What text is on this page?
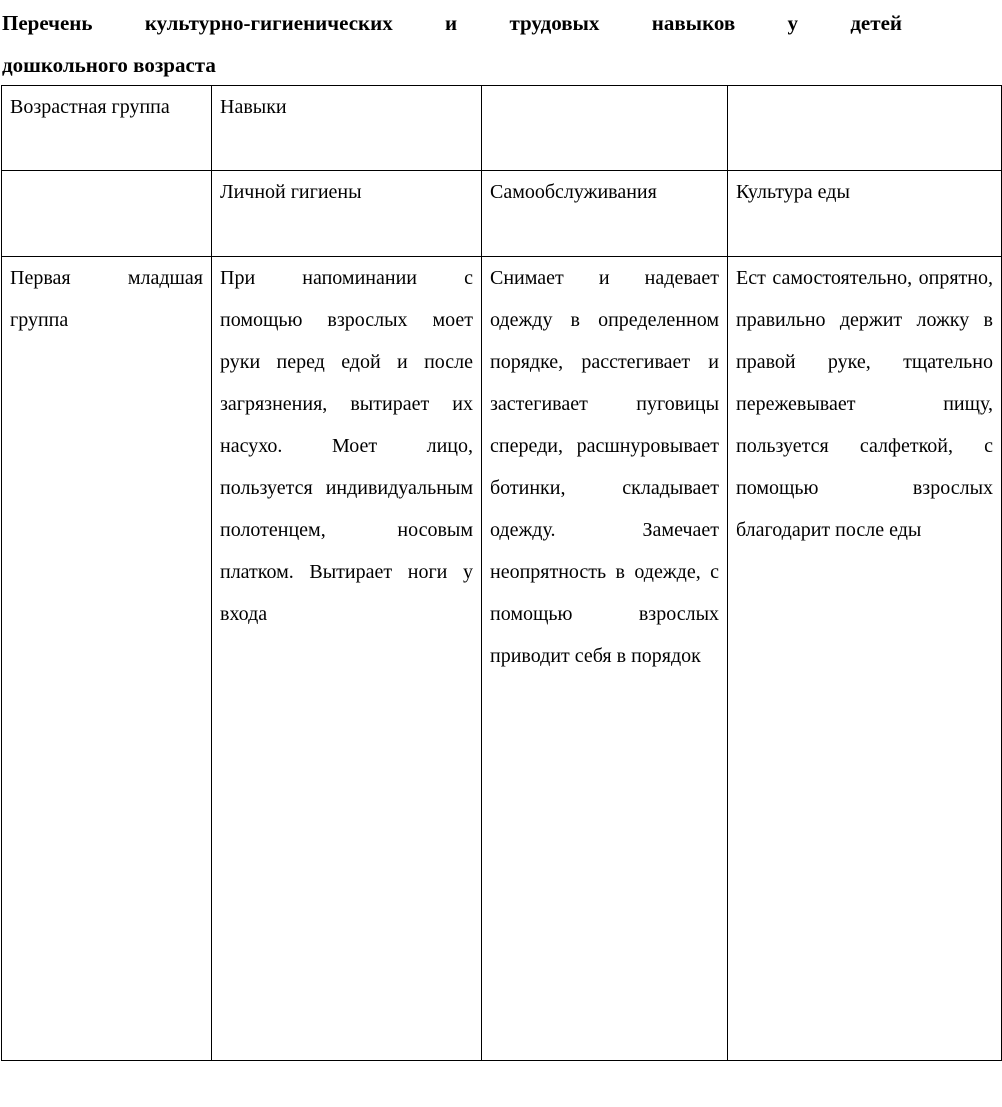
Перечень культурно-гигиенических и трудовых навыков у детей
дошкольного возраста
Возрастная группа	Навыки		

	Личной гигиены	Самообслуживания	Культура еды

Первая младшая группа	При напоминании с помощью взрослых моет руки перед едой и после загрязнения, вытирает их насухо. Моет лицо, пользуется индивидуальным полотенцем, носовым платком. Вытирает ноги у входа	Снимает и надевает одежду в определенном порядке, расстегивает и застегивает пуговицы спереди, расшнуровывает ботинки, складывает одежду. Замечает неопрятность в одежде, с помощью взрослых приводит себя в порядок	Ест самостоятельно, опрятно, правильно держит ложку в правой руке, тщательно пережевывает пищу, пользуется салфеткой, с помощью взрослых благодарит после еды
